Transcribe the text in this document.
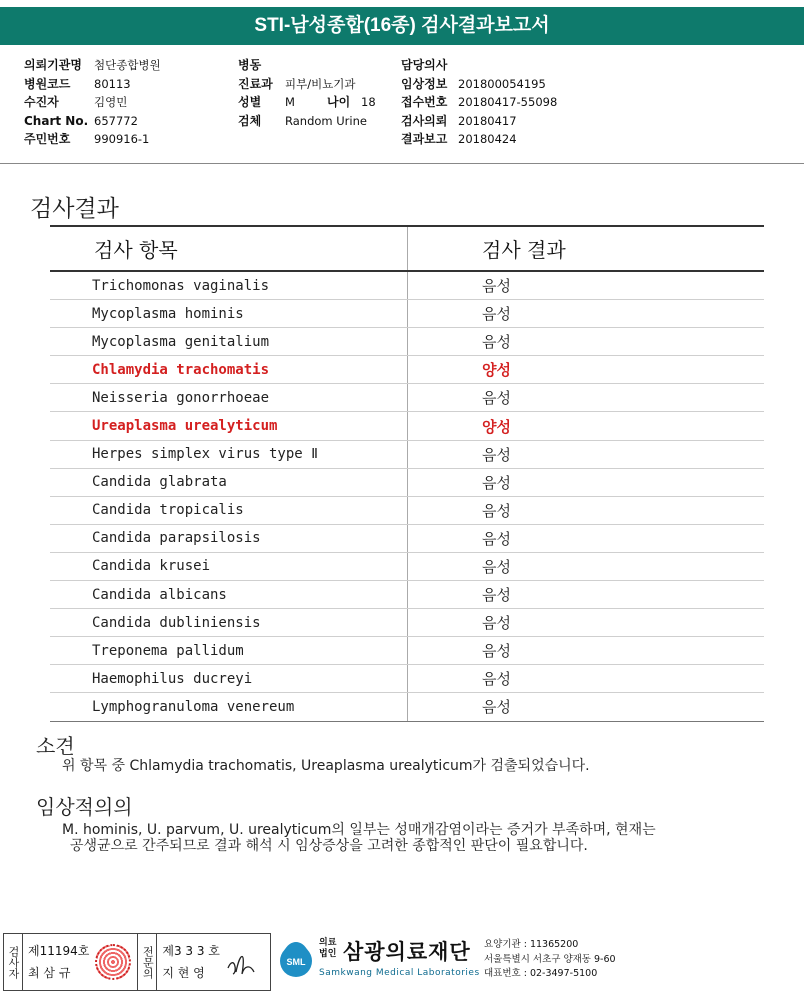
STI-남성종합(16종) 검사결과보고서
의뢰기관명	첨단종합병원
병원코드	80113
수진자	김영민
Chart No. 657772
주민번호	990916-1
병동
진료과	피부/비뇨기과
성별	M	나이 18
검체	Random Urine
담당의사
임상정보 201800054195
접수번호 20180417-55098
검사의뢰 20180417
결과보고 20180424
검사결과
검사 항목	검사 결과
Trichomonas vaginalis	음성
Mycoplasma hominis	음성
Mycoplasma genitalium	음성
Chlamydia trachomatis	양성
Neisseria gonorrhoeae	음성
Ureaplasma urealyticum	양성
Herpes simplex virus type Ⅱ	음성
Candida glabrata	음성
Candida tropicalis	음성
Candida parapsilosis	음성
Candida krusei	음성
Candida albicans	음성
Candida dubliniensis	음성
Treponema pallidum	음성
Haemophilus ducreyi	음성
Lymphogranuloma venereum	음성
소견
위 항목 중 Chlamydia trachomatis, Ureaplasma urealyticum가 검출되었습니다.
임상적의의
M. hominis, U. parvum, U. urealyticum의 일부는 성매개감염이라는 증거가 부족하며, 현재는
공생균으로 간주되므로 결과 해석 시 임상증상을 고려한 종합적인 판단이 필요합니다.
검사자 제11194호
최 삼 규	전문의 제3 3 3 호
지 현 영
SML
의료
법인 삼광의료재단
Samkwang Medical Laboratories
요양기관 : 11365200
서울특별시 서초구 양재동 9-60
대표번호 : 02-3497-5100
